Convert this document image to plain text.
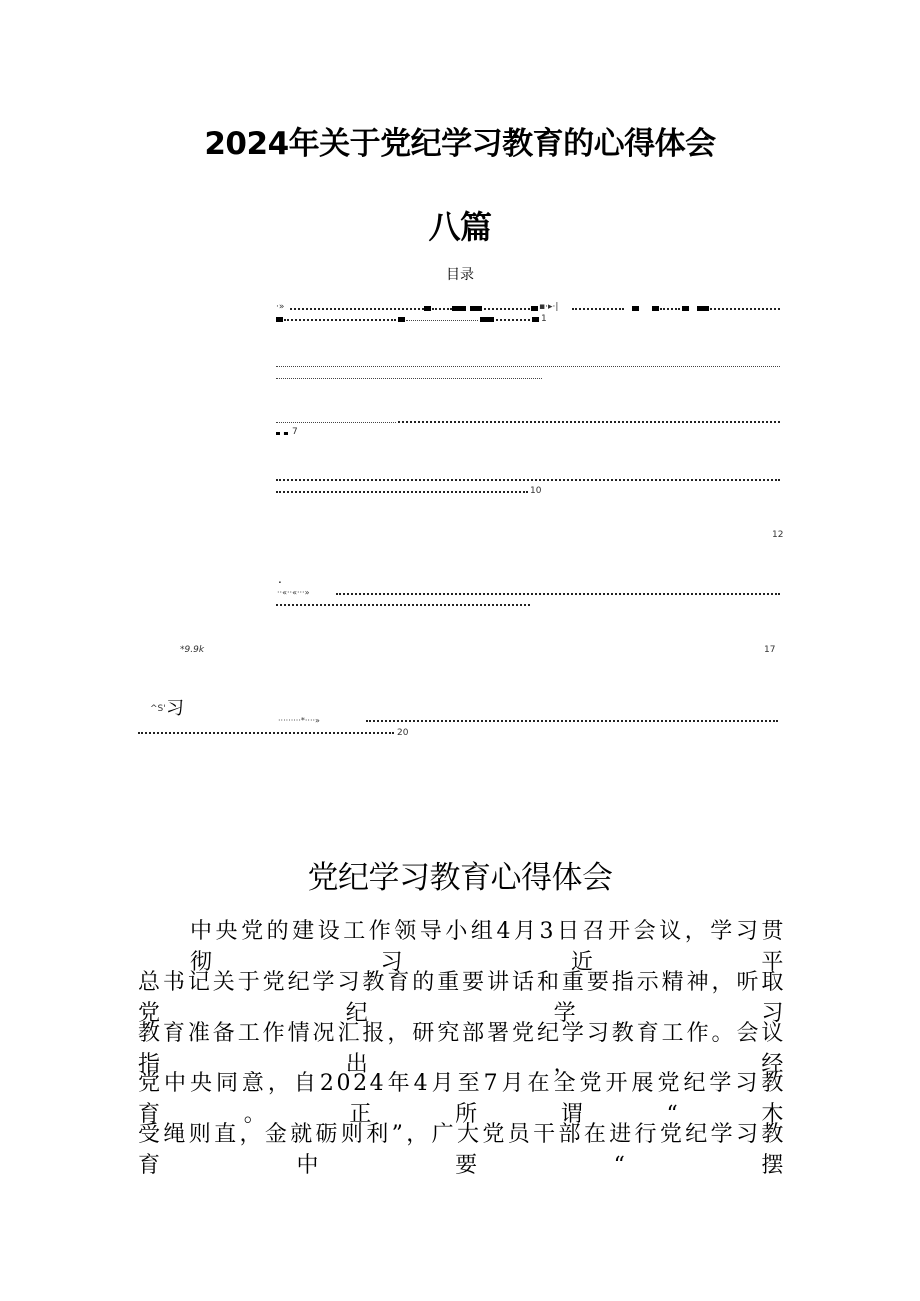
2024年关于党纪学习教育的心得体会
八篇
目录
·»	▪·▸·|
1
7
10
12
.
··«··«···»
*9.9k	17
^S' 习
·········*····»
20
党纪学习教育心得体会
中央党的建设工作领导小组4月3日召开会议，学习贯彻习近平
总书记关于党纪学习教育的重要讲话和重要指示精神，听取党纪学习
教育准备工作情况汇报，研究部署党纪学习教育工作。会议指出，经
党中央同意，自2024年4月至7月在全党开展党纪学习教育。正所谓“木
受绳则直，金就砺则利”，广大党员干部在进行党纪学习教育中要“摆
